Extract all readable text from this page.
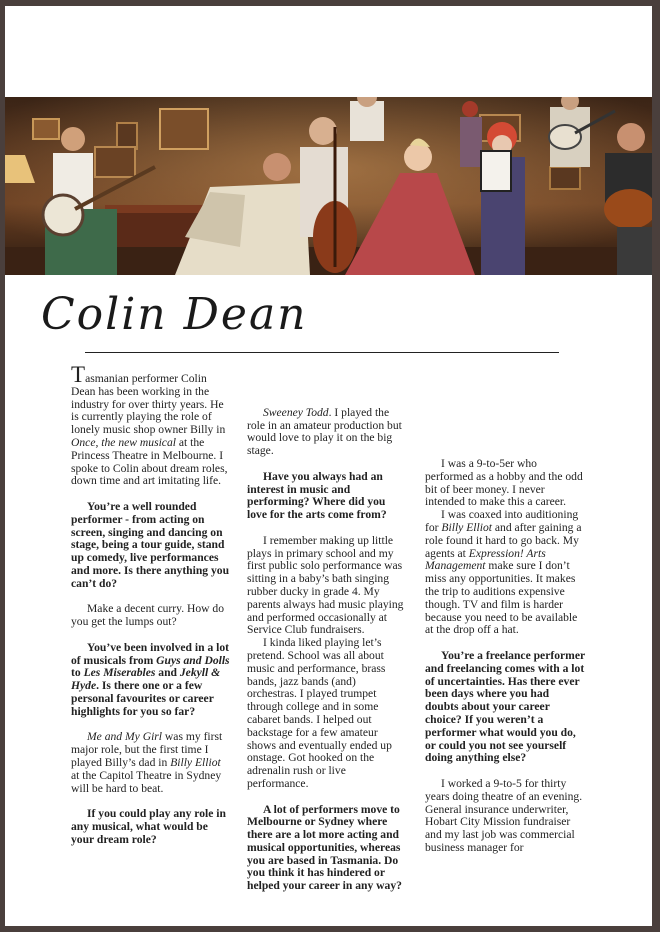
Colin Dean

Tasmanian performer Colin Dean has been working in the industry for over thirty years. He is currently playing the role of lonely music shop owner Billy in Once, the new musical at the Princess Theatre in Melbourne. I spoke to Colin about dream roles, down time and art imitating life.

You’re a well rounded performer - from acting on screen, singing and dancing on stage, being a tour guide, stand up comedy, live performances and more. Is there anything you can’t do?

Make a decent curry. How do you get the lumps out?

You’ve been involved in a lot of musicals from Guys and Dolls to Les Miserables and Jekyll & Hyde. Is there one or a few personal favourites or career highlights for you so far?

Me and My Girl was my first major role, but the first time I played Billy’s dad in Billy Elliot at the Capitol Theatre in Sydney will be hard to beat.

If you could play any role in any musical, what would be your dream role?

Sweeney Todd. I played the role in an amateur production but would love to play it on the big stage.

Have you always had an interest in music and performing? Where did you love for the arts come from?

I remember making up little plays in primary school and my first public solo performance was sitting in a baby’s bath singing rubber ducky in grade 4. My parents always had music playing and performed occasionally at Service Club fundraisers.

I kinda liked playing let’s pretend. School was all about music and performance, brass bands, jazz bands (and) orchestras. I played trumpet through college and in some cabaret bands. I helped out backstage for a few amateur shows and eventually ended up onstage. Got hooked on the adrenalin rush or live performance.

A lot of performers move to Melbourne or Sydney where there are a lot more acting and musical opportunities, whereas you are based in Tasmania. Do you think it has hindered or helped your career in any way?

I was a 9-to-5er who performed as a hobby and the odd bit of beer money. I never intended to make this a career.

I was coaxed into auditioning for Billy Elliot and after gaining a role found it hard to go back. My agents at Expression! Arts Management make sure I don’t miss any opportunities. It makes the trip to auditions expensive though. TV and film is harder because you need to be available at the drop off a hat.

You’re a freelance performer and freelancing comes with a lot of uncertainties. Has there ever been days where you had doubts about your career choice? If you weren’t a performer what would you do, or could you not see yourself doing anything else?

I worked a 9-to-5 for thirty years doing theatre of an evening. General insurance underwriter, Hobart City Mission fundraiser and my last job was commercial business manager for
